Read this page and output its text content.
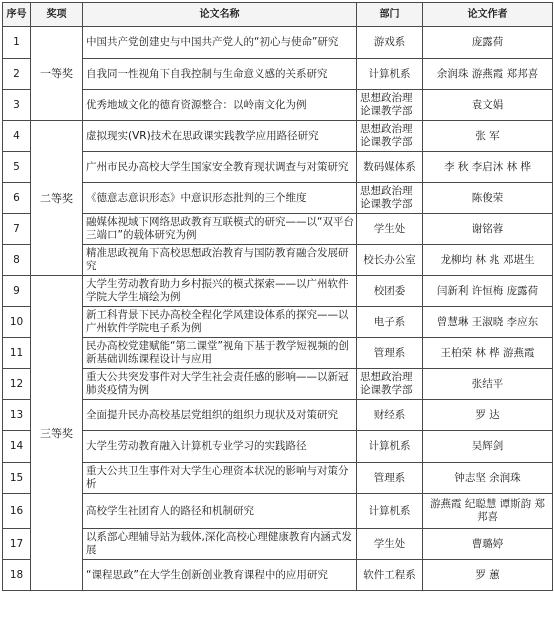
序号	奖项	论文名称	部门	论文作者
1	一等奖	中国共产党创建史与中国共产党人的“初心与使命”研究	游戏系	庞露荷
2		自我同一性视角下自我控制与生命意义感的关系研究	计算机系	余润珠 游燕霞 郑邦喜
3		优秀地域文化的德育资源整合：以岭南文化为例	思想政治理论课教学部	袁文娟
4	二等奖	虚拟现实(VR)技术在思政课实践教学应用路径研究	思想政治理论课教学部	张 军
5		广州市民办高校大学生国家安全教育现状调查与对策研究	数码媒体系	李 秋 李启沐 林 桦
6		《德意志意识形态》中意识形态批判的三个维度	思想政治理论课教学部	陈俊荣
7		融媒体视域下网络思政教育互联模式的研究——以“双平台三端口”的载体研究为例	学生处	谢铭蓉
8		精准思政视角下高校思想政治教育与国防教育融合发展研究	校长办公室	龙柳均 林 兆 邓堪生
9	三等奖	大学生劳动教育助力乡村振兴的模式探索——以广州软件学院大学生墒绘为例	校团委	闫新利 许恒梅 庞露荷
10		新工科背景下民办高校全程化学风建设体系的探究——以广州软件学院电子系为例	电子系	曾慧琳 王淑晓 李应东
11		民办高校党建赋能“第二课堂”视角下基于教学短视频的创新基础训练课程设计与应用	管理系	王柏荣 林 桦 游燕霞
12		重大公共突发事件对大学生社会责任感的影响——以新冠肺炎疫情为例	思想政治理论课教学部	张结平
13		全面提升民办高校基层党组织的组织力现状及对策研究	财经系	罗 达
14		大学生劳动教育融入计算机专业学习的实践路径	计算机系	吴辉剑
15		重大公共卫生事件对大学生心理资本状况的影响与对策分析	管理系	钟志坚 余润珠
16		高校学生社团育人的路径和机制研究	计算机系	游燕霞 纪聪慧 谭斯韵 郑邦喜
17		以系部心理辅导站为载体,深化高校心理健康教育内涵式发展	学生处	曹璐婷
18		“课程思政”在大学生创新创业教育课程中的应用研究	软件工程系	罗 蕙
